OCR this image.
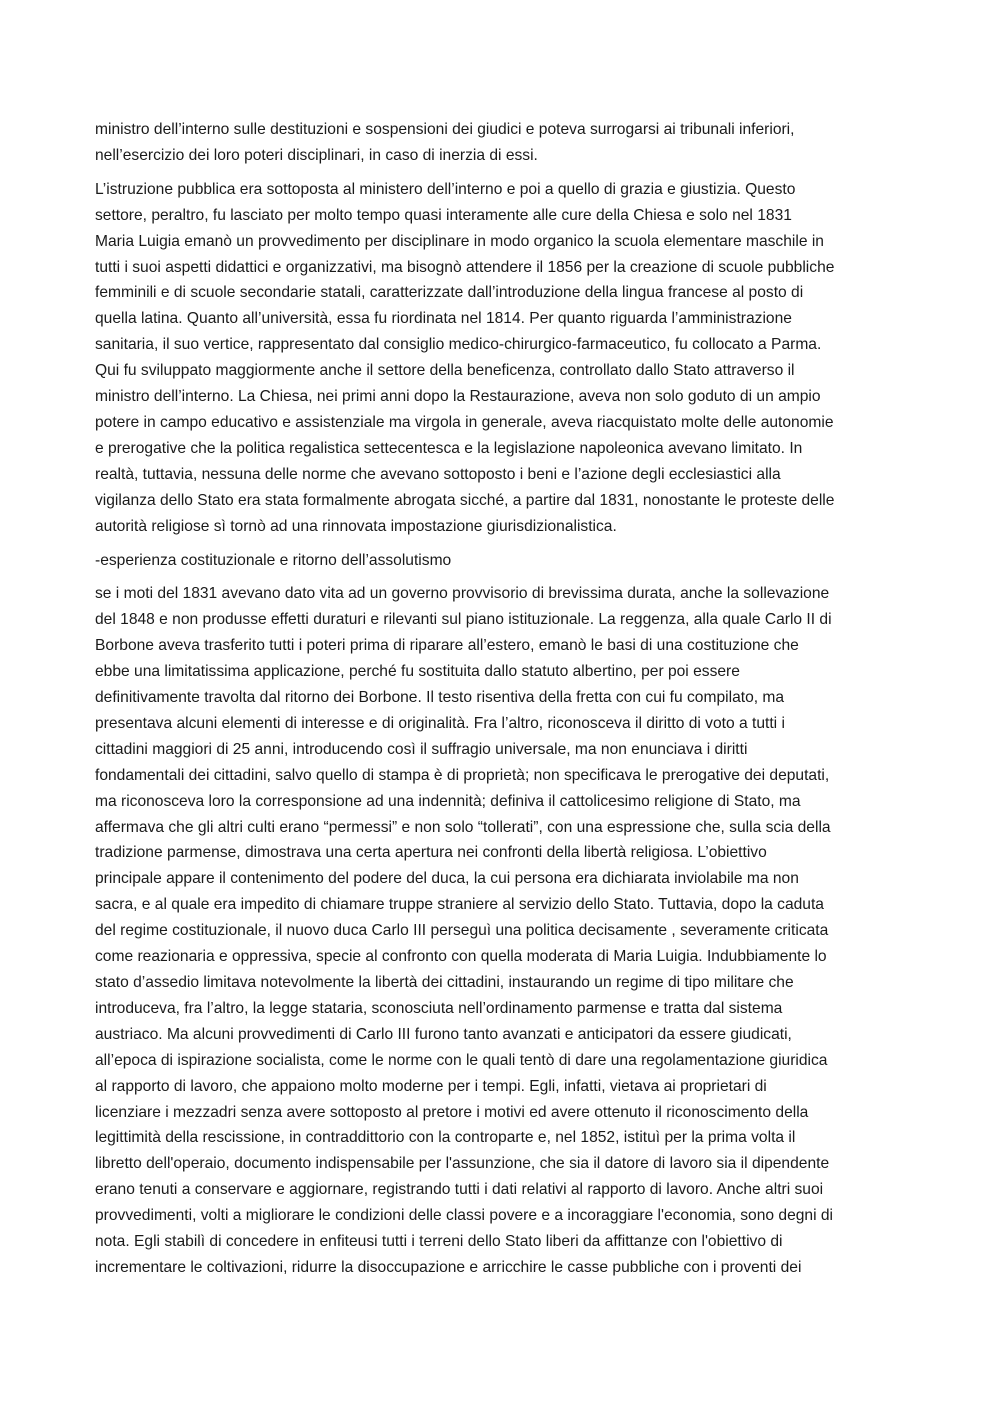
ministro dell’interno sulle destituzioni e sospensioni dei giudici e poteva surrogarsi ai tribunali inferiori,
nell’esercizio dei loro poteri disciplinari, in caso di inerzia di essi.
L’istruzione pubblica era sottoposta al ministero dell’interno e poi a quello di grazia e giustizia. Questo
settore, peraltro, fu lasciato per molto tempo quasi interamente alle cure della Chiesa e solo nel 1831
Maria Luigia emanò un provvedimento per disciplinare in modo organico la scuola elementare maschile in
tutti i suoi aspetti didattici e organizzativi, ma bisognò attendere il 1856 per la creazione di scuole pubbliche
femminili e di scuole secondarie statali, caratterizzate dall’introduzione della lingua francese al posto di
quella latina. Quanto all’università, essa fu riordinata nel 1814. Per quanto riguarda l’amministrazione
sanitaria, il suo vertice, rappresentato dal consiglio medico-chirurgico-farmaceutico, fu collocato a Parma.
Qui fu sviluppato maggiormente anche il settore della beneficenza, controllato dallo Stato attraverso il
ministro dell’interno. La Chiesa, nei primi anni dopo la Restaurazione, aveva non solo goduto di un ampio
potere in campo educativo e assistenziale ma virgola in generale, aveva riacquistato molte delle autonomie
e prerogative che la politica regalistica settecentesca e la legislazione napoleonica avevano limitato. In
realtà, tuttavia, nessuna delle norme che avevano sottoposto i beni e l’azione degli ecclesiastici alla
vigilanza dello Stato era stata formalmente abrogata sicché, a partire dal 1831, nonostante le proteste delle
autorità religiose sì tornò ad una rinnovata impostazione giurisdizionalistica.
-esperienza costituzionale e ritorno dell’assolutismo
se i moti del 1831 avevano dato vita ad un governo provvisorio di brevissima durata, anche la sollevazione
del 1848 e non produsse effetti duraturi e rilevanti sul piano istituzionale. La reggenza, alla quale Carlo II di
Borbone aveva trasferito tutti i poteri prima di riparare all’estero, emanò le basi di una costituzione che
ebbe una limitatissima applicazione, perché fu sostituita dallo statuto albertino, per poi essere
definitivamente travolta dal ritorno dei Borbone. Il testo risentiva della fretta con cui fu compilato, ma
presentava alcuni elementi di interesse e di originalità. Fra l’altro, riconosceva il diritto di voto a tutti i
cittadini maggiori di 25 anni, introducendo così il suffragio universale, ma non enunciava i diritti
fondamentali dei cittadini, salvo quello di stampa è di proprietà; non specificava le prerogative dei deputati,
ma riconosceva loro la corresponsione ad una indennità; definiva il cattolicesimo religione di Stato, ma
affermava che gli altri culti erano “permessi” e non solo “tollerati”, con una espressione che, sulla scia della
tradizione parmense, dimostrava una certa apertura nei confronti della libertà religiosa. L’obiettivo
principale appare il contenimento del podere del duca, la cui persona era dichiarata inviolabile ma non
sacra, e al quale era impedito di chiamare truppe straniere al servizio dello Stato. Tuttavia, dopo la caduta
del regime costituzionale, il nuovo duca Carlo III perseguì una politica decisamente , severamente criticata
come reazionaria e oppressiva, specie al confronto con quella moderata di Maria Luigia. Indubbiamente lo
stato d’assedio limitava notevolmente la libertà dei cittadini, instaurando un regime di tipo militare che
introduceva, fra l’altro, la legge stataria, sconosciuta nell’ordinamento parmense e tratta dal sistema
austriaco. Ma alcuni provvedimenti di Carlo III furono tanto avanzati e anticipatori da essere giudicati,
all’epoca di ispirazione socialista, come le norme con le quali tentò di dare una regolamentazione giuridica
al rapporto di lavoro, che appaiono molto moderne per i tempi. Egli, infatti, vietava ai proprietari di
licenziare i mezzadri senza avere sottoposto al pretore i motivi ed avere ottenuto il riconoscimento della
legittimità della rescissione, in contraddittorio con la controparte e, nel 1852, istituì per la prima volta il
libretto dell'operaio, documento indispensabile per l'assunzione, che sia il datore di lavoro sia il dipendente
erano tenuti a conservare e aggiornare, registrando tutti i dati relativi al rapporto di lavoro. Anche altri suoi
provvedimenti, volti a migliorare le condizioni delle classi povere e a incoraggiare l'economia, sono degni di
nota. Egli stabilì di concedere in enfiteusi tutti i terreni dello Stato liberi da affittanze con l'obiettivo di
incrementare le coltivazioni, ridurre la disoccupazione e arricchire le casse pubbliche con i proventi dei
